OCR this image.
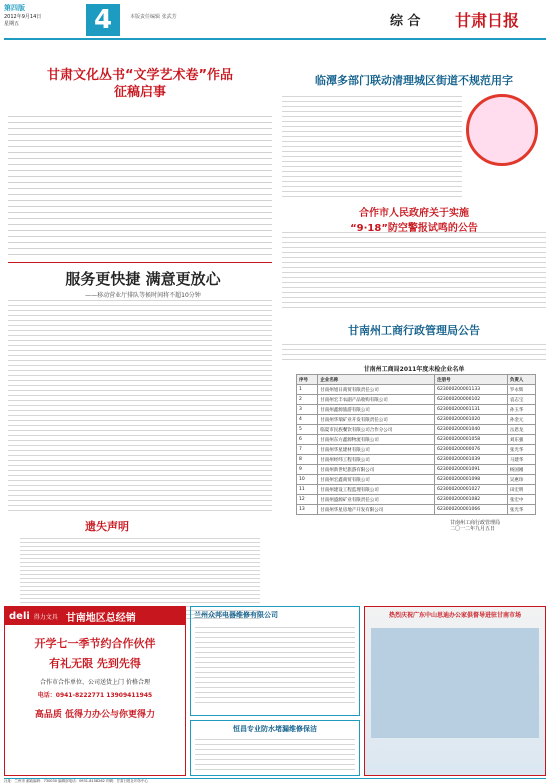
第四版
2012年9月14日
星期五	4	本版责任编辑 张武芳	综 合 甘肃日报
甘肃文化丛书“文学艺术卷”作品
征稿启事
服务更快捷 满意更放心
——移动营业厅排队等候时间将不超10分钟
遗失声明
临潭多部门联动清理城区街道不规范用字
合作市人民政府关于实施
“9·18”防空警报试鸣的公告
甘南州工商行政管理局公告
甘南州工商局2011年度未检企业名单
序号	企业名称	注册号	负责人
1	甘南州旭日商贸有限责任公司	623000200001133	罗永辉
2	甘南州宏丰农副产品收购有限公司	623000200000102	袁志宝
3	甘南州鑫源旅游有限公司	623000200001131	孙玉华
4	甘南州华瑞矿业开发有限责任公司	623000200001020	孙金元
5	临夏市民族餐饮有限公司合作分公司	623000200001040	岳恩龙
6	甘南州东方鑫源物流有限公司	623000200001058	刘东强
7	甘南州华星建材有限公司	623000200000076	张光华
8	甘南州经纬工程有限公司	623000200001039	马建华
9	甘南州新世纪旅游有限公司	623000200001091	杨国刚
10	甘南州宏鑫商贸有限公司	623000200001098	吴惠珍
11	甘南州建设工程监理有限公司	623000200001027	田宏明
12	甘南州盛源矿业有限责任公司	623000200001082	张宏中
13	甘南州华星房地产开发有限公司	623000200001066	张光华
甘南州工商行政管理局
二〇一二年九月五日
deli 得力文具 甘南地区总经销
开学七一季节约合作伙伴
有礼无限 先到先得
合作市合作单位、公司送货上门 价格合理
电话：0941-8222771 13909411945
高品质 低得力办公与你更得力
兰州众邦电器维修有限公司
恒昌专业防水堵漏维修保洁
热烈庆祝广东中山思迪办公家俱督导进驻甘南市场
社址：兰州市 邮政编码：730030 编辑部电话：0931-8158262 印刷：甘肃日报社印务中心
